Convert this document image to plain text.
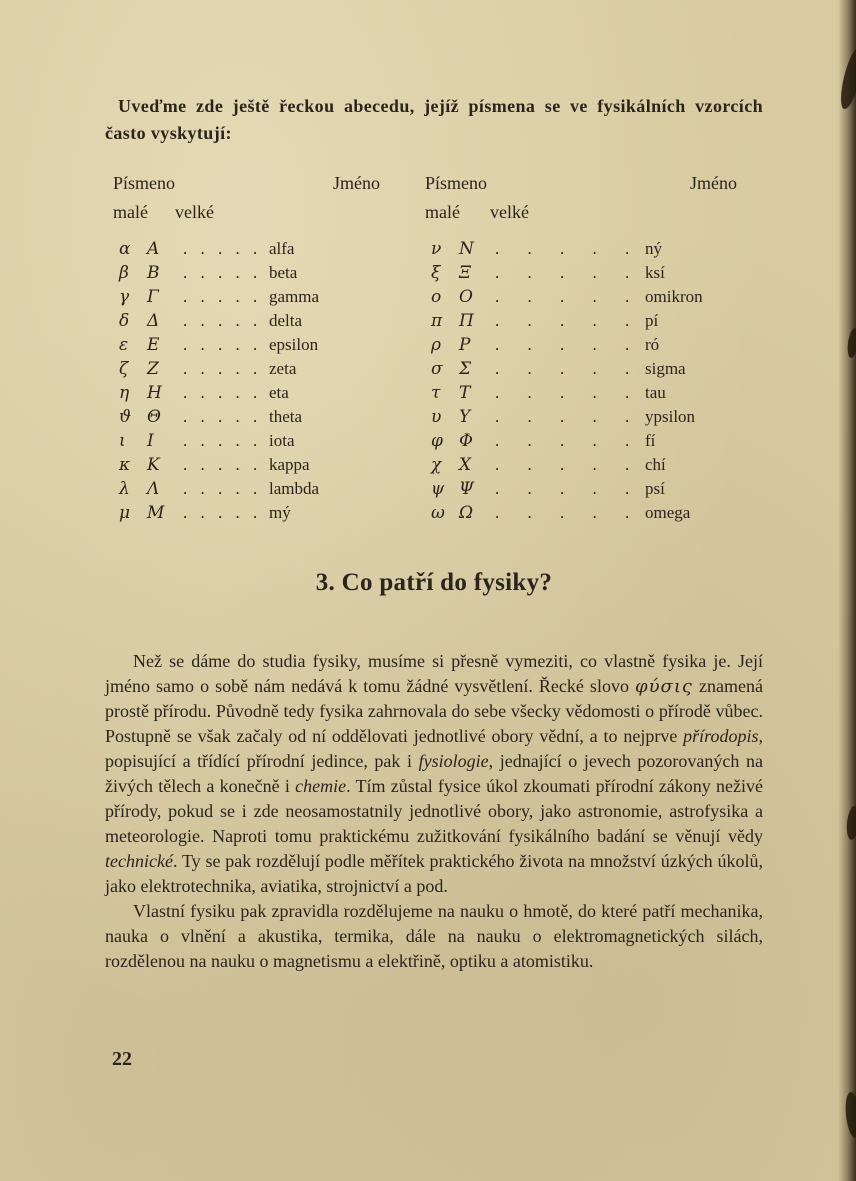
Uveďme zde ještě řeckou abecedu, jejíž písmena se ve fysikálních vzorcích často vyskytují:

Písmeno	Jméno	Písmeno	Jméno
malé velké	malé velké
α A	. . . . . alfa	ν	N	. . . . . ný
β	B	. . . . . beta	ξ	Ξ	. . . . . ksí
γ	Γ	. . . . . gamma	ο	O	. . . . . omikron
δ	Δ	. . . . . delta	π Π	. . . . . pí
ε	E	. . . . . epsilon	ρ	P	. . . . . ró
ζ	Z	. . . . . zeta	σ Σ	. . . . . sigma
η	H	. . . . . eta	τ	T	. . . . . tau
ϑ Θ	. . . . . theta	υ	Y	. . . . . ypsilon
ι	I	. . . . . iota	φ Φ	. . . . . fí
κ K	. . . . . kappa	χ	X	. . . . . chí
λ	Λ	. . . . . lambda	ψ Ψ	. . . . . psí
μ M	. . . . . mý	ω Ω	. . . . . omega
3. Co patří do fysiky?

Než se dáme do studia fysiky, musíme si přesně vymeziti, co vlastně fysika je. Její jméno samo o sobě nám nedává k tomu žádné vysvětlení. Řecké slovo φύσις znamená prostě přírodu. Původně tedy fysika zahrnovala do sebe všecky vědomosti o přírodě vůbec. Postupně se však začaly od ní oddělovati jednotlivé obory vědní, a to nejprve přírodopis, popisující a třídící přírodní jedince, pak i fysiologie, jednající o jevech pozorovaných na živých tělech a konečně i chemie. Tím zůstal fysice úkol zkoumati přírodní zákony neživé přírody, pokud se i zde neosamostatnily jednotlivé obory, jako astronomie, astrofysika a meteorologie. Naproti tomu praktickému zužitkování fysikálního badání se věnují vědy technické. Ty se pak rozdělují podle měřítek praktického života na množství úzkých úkolů, jako elektrotechnika, aviatika, strojnictví a pod.

Vlastní fysiku pak zpravidla rozdělujeme na nauku o hmotě, do které patří mechanika, nauka o vlnění a akustika, termika, dále na nauku o elektromagnetických silách, rozdělenou na nauku o magnetismu a elektřině, optiku a atomistiku.

22
